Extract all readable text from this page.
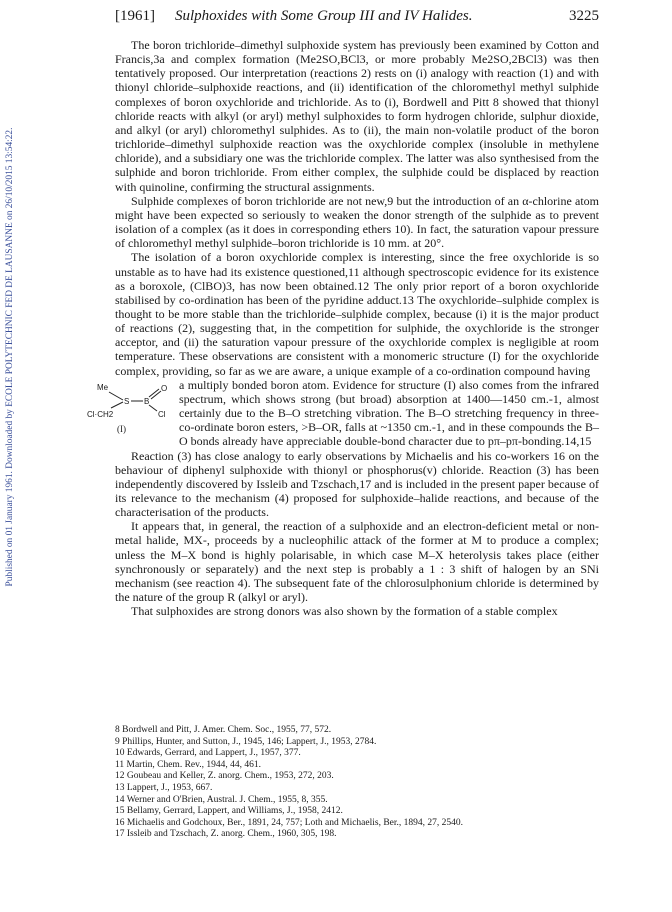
Published on 01 January 1961. Downloaded by ECOLE POLYTECHNIC FED DE LAUSANNE on 26/10/2015 13:54:22.
[1961] Sulphoxides with Some Group III and IV Halides.	3225

The boron trichloride–dimethyl sulphoxide system has previously been examined by Cotton and Francis,3a and complex formation (Me2SO,BCl3, or more probably Me2SO,2BCl3) was then tentatively proposed. Our interpretation (reactions 2) rests on (i) analogy with reaction (1) and with thionyl chloride–sulphoxide reactions, and (ii) identification of the chloromethyl methyl sulphide complexes of boron oxychloride and trichloride. As to (i), Bordwell and Pitt 8 showed that thionyl chloride reacts with alkyl (or aryl) methyl sulphoxides to form hydrogen chloride, sulphur dioxide, and alkyl (or aryl) chloromethyl sulphides. As to (ii), the main non-volatile product of the boron trichloride–dimethyl sulphoxide reaction was the oxychloride complex (insoluble in methylene chloride), and a subsidiary one was the trichloride complex. The latter was also synthesised from the sulphide and boron trichloride. From either complex, the sulphide could be displaced by reaction with quinoline, confirming the structural assignments.

Sulphide complexes of boron trichloride are not new,9 but the introduction of an α-chlorine atom might have been expected so seriously to weaken the donor strength of the sulphide as to prevent isolation of a complex (as it does in corresponding ethers 10). In fact, the saturation vapour pressure of chloromethyl methyl sulphide–boron trichloride is 10 mm. at 20°.

The isolation of a boron oxychloride complex is interesting, since the free oxychloride is so unstable as to have had its existence questioned,11 although spectroscopic evidence for its existence as a boroxole, (ClBO)3, has now been obtained.12 The only prior report of a boron oxychloride stabilised by co-ordination has been of the pyridine adduct.13 The oxychloride–sulphide complex is thought to be more stable than the trichloride–sulphide complex, because (i) it is the major product of reactions (2), suggesting that, in the competition for sulphide, the oxychloride is the stronger acceptor, and (ii) the saturation vapour pressure of the oxychloride complex is negligible at room temperature. These observations are consistent with a monomeric structure (I) for the oxychloride complex, providing, so far as we are aware, a unique example of a co-ordination compound having

Me
S B
O
Cl·CH2	Cl
(I)

a multiply bonded boron atom. Evidence for structure (I) also comes from the infrared spectrum, which shows strong (but broad) absorption at 1400—1450 cm.-1, almost certainly due to the B–O stretching vibration. The B–O stretching frequency in three-co-ordinate boron esters, >B–OR, falls at ~1350 cm.-1, and in these compounds the B–O bonds already have appreciable double-bond character due to pπ–pπ-bonding.14,15

Reaction (3) has close analogy to early observations by Michaelis and his co-workers 16 on the behaviour of diphenyl sulphoxide with thionyl or phosphorus(v) chloride. Reaction (3) has been independently discovered by Issleib and Tzschach,17 and is included in the present paper because of its relevance to the mechanism (4) proposed for sulphoxide–halide reactions, and because of the characterisation of the products.

It appears that, in general, the reaction of a sulphoxide and an electron-deficient metal or non-metal halide, MX-, proceeds by a nucleophilic attack of the former at M to produce a complex; unless the M–X bond is highly polarisable, in which case M–X heterolysis takes place (either synchronously or separately) and the next step is probably a 1 : 3 shift of halogen by an SNi mechanism (see reaction 4). The subsequent fate of the chlorosulphonium chloride is determined by the nature of the group R (alkyl or aryl).

That sulphoxides are strong donors was also shown by the formation of a stable complex

8 Bordwell and Pitt, J. Amer. Chem. Soc., 1955, 77, 572.
9 Phillips, Hunter, and Sutton, J., 1945, 146; Lappert, J., 1953, 2784.
10 Edwards, Gerrard, and Lappert, J., 1957, 377.
11 Martin, Chem. Rev., 1944, 44, 461.
12 Goubeau and Keller, Z. anorg. Chem., 1953, 272, 203.
13 Lappert, J., 1953, 667.
14 Werner and O'Brien, Austral. J. Chem., 1955, 8, 355.
15 Bellamy, Gerrard, Lappert, and Williams, J., 1958, 2412.
16 Michaelis and Godchoux, Ber., 1891, 24, 757; Loth and Michaelis, Ber., 1894, 27, 2540.
17 Issleib and Tzschach, Z. anorg. Chem., 1960, 305, 198.
